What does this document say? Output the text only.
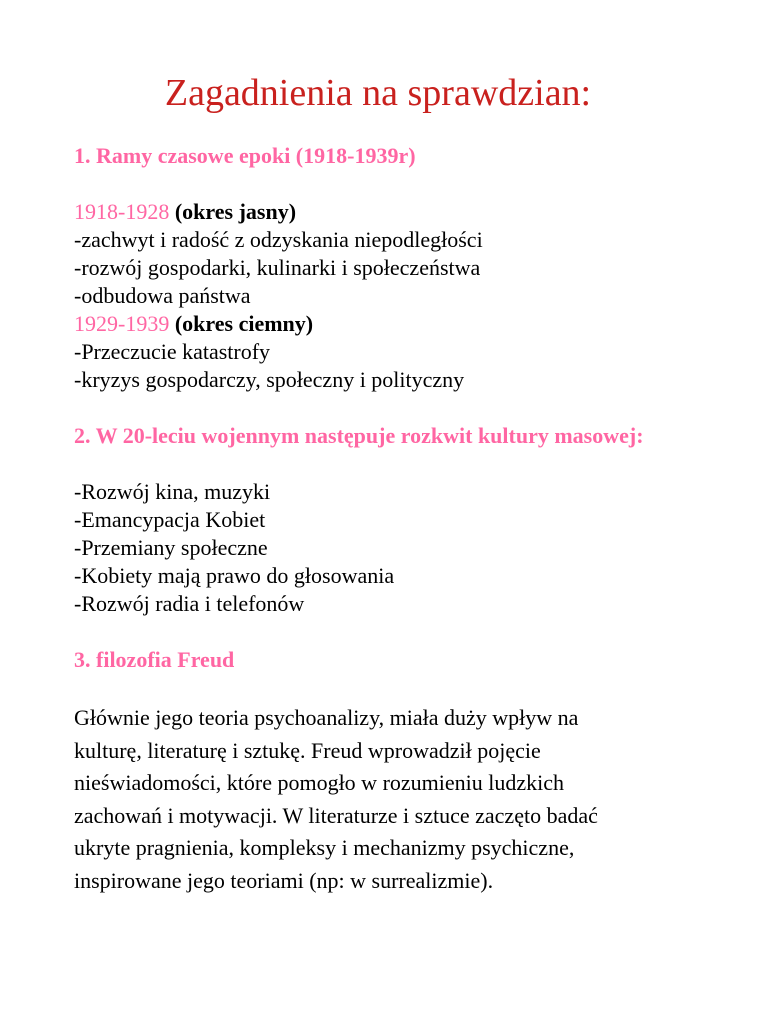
Zagadnienia na sprawdzian:

1. Ramy czasowe epoki (1918-1939r)

1918-1928 (okres jasny)

-zachwyt i radość z odzyskania niepodległości

-rozwój gospodarki, kulinarki i społeczeństwa

-odbudowa państwa

1929-1939 (okres ciemny)

-Przeczucie katastrofy

-kryzys gospodarczy, społeczny i polityczny

2. W 20-leciu wojennym następuje rozkwit kultury masowej:

-Rozwój kina, muzyki

-Emancypacja Kobiet

-Przemiany społeczne

-Kobiety mają prawo do głosowania

-Rozwój radia i telefonów

3. filozofia Freud

Głównie jego teoria psychoanalizy, miała duży wpływ na

kulturę, literaturę i sztukę. Freud wprowadził pojęcie

nieświadomości, które pomogło w rozumieniu ludzkich

zachowań i motywacji. W literaturze i sztuce zaczęto badać

ukryte pragnienia, kompleksy i mechanizmy psychiczne,

inspirowane jego teoriami (np: w surrealizmie).
